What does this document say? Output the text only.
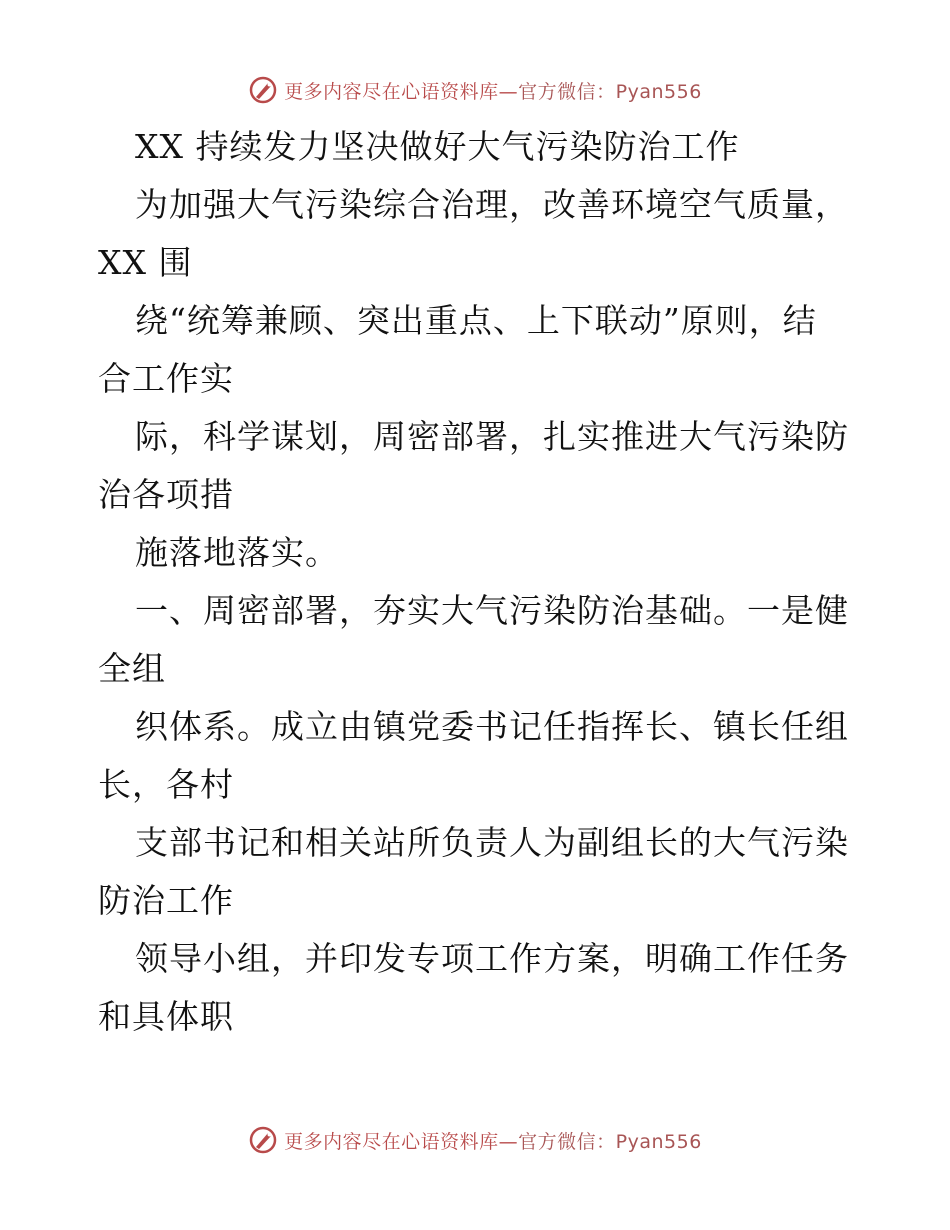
更多内容尽在心语资料库—官方微信：Pyan556
XX 持续发力坚决做好大气污染防治工作
为加强大气污染综合治理，改善环境空气质量，
XX 围
绕“统筹兼顾、突出重点、上下联动”原则，结
合工作实
际，科学谋划，周密部署，扎实推进大气污染防
治各项措
施落地落实。
一、周密部署，夯实大气污染防治基础。一是健
全组
织体系。成立由镇党委书记任指挥长、镇长任组
长，各村
支部书记和相关站所负责人为副组长的大气污染
防治工作
领导小组，并印发专项工作方案，明确工作任务
和具体职
更多内容尽在心语资料库—官方微信：Pyan556
